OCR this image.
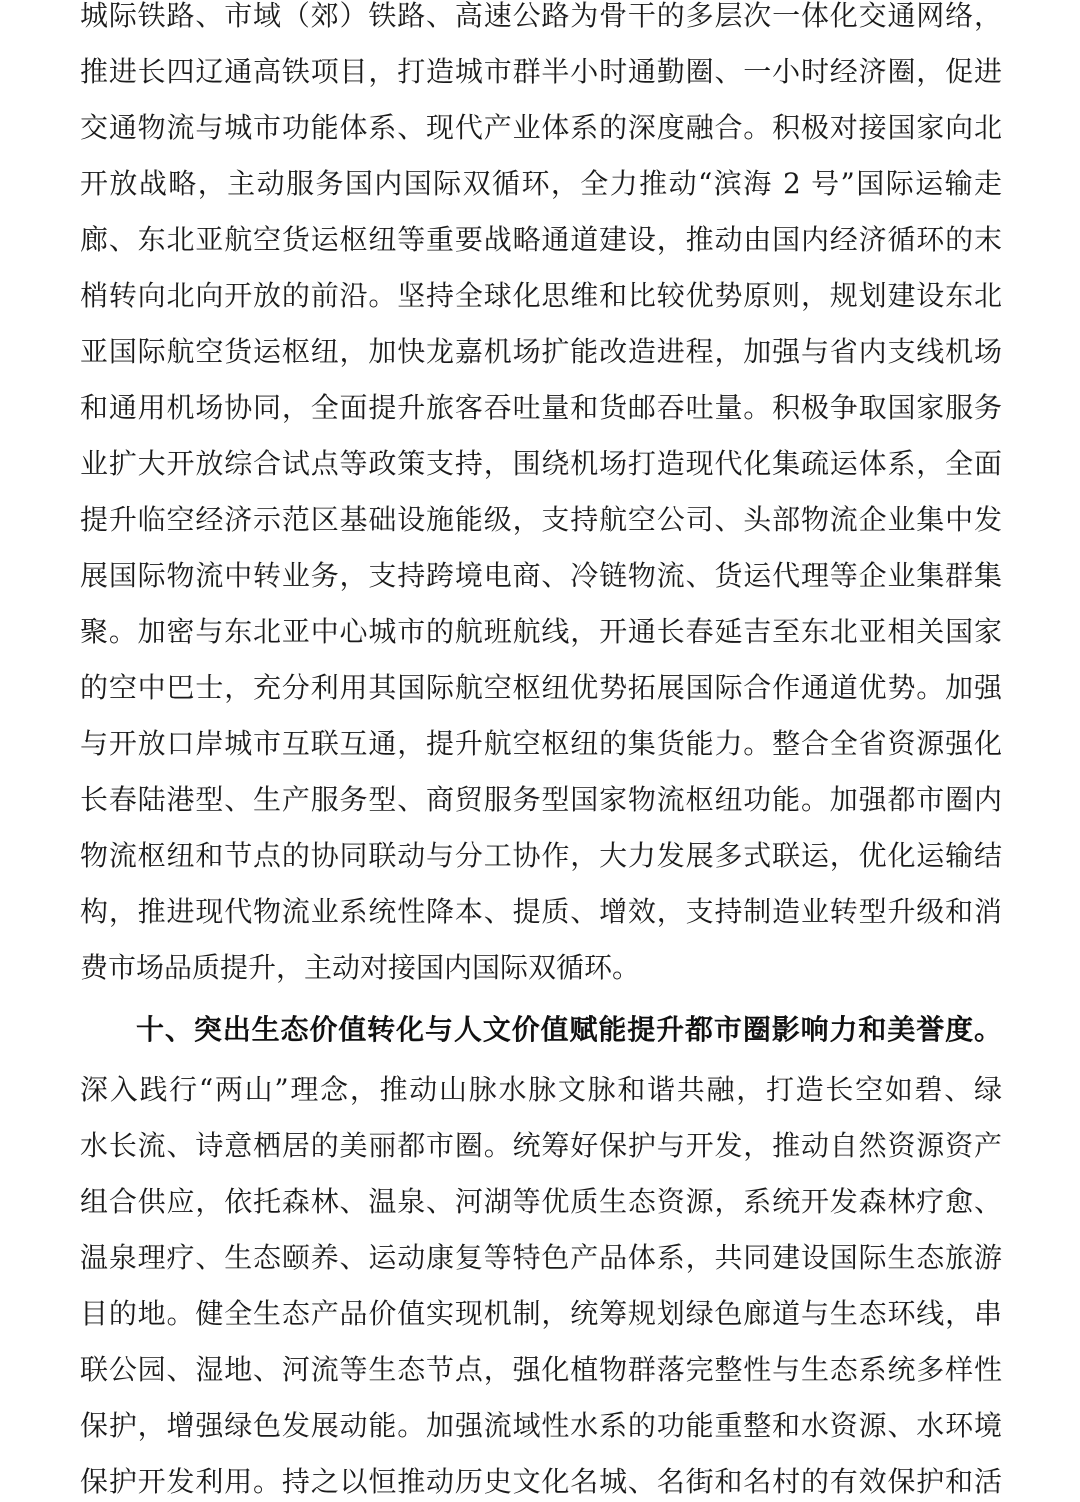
城际铁路、市域（郊）铁路、高速公路为骨干的多层次一体化交通网络，
推进长四辽通高铁项目，打造城市群半小时通勤圈、一小时经济圈，促进
交通物流与城市功能体系、现代产业体系的深度融合。积极对接国家向北
开放战略，主动服务国内国际双循环，全力推动“滨海 2 号”国际运输走
廊、东北亚航空货运枢纽等重要战略通道建设，推动由国内经济循环的末
梢转向北向开放的前沿。坚持全球化思维和比较优势原则，规划建设东北
亚国际航空货运枢纽，加快龙嘉机场扩能改造进程，加强与省内支线机场
和通用机场协同，全面提升旅客吞吐量和货邮吞吐量。积极争取国家服务
业扩大开放综合试点等政策支持，围绕机场打造现代化集疏运体系，全面
提升临空经济示范区基础设施能级，支持航空公司、头部物流企业集中发
展国际物流中转业务，支持跨境电商、冷链物流、货运代理等企业集群集
聚。加密与东北亚中心城市的航班航线，开通长春延吉至东北亚相关国家
的空中巴士，充分利用其国际航空枢纽优势拓展国际合作通道优势。加强
与开放口岸城市互联互通，提升航空枢纽的集货能力。整合全省资源强化
长春陆港型、生产服务型、商贸服务型国家物流枢纽功能。加强都市圈内
物流枢纽和节点的协同联动与分工协作，大力发展多式联运，优化运输结
构，推进现代物流业系统性降本、提质、增效，支持制造业转型升级和消
费市场品质提升，主动对接国内国际双循环。
十、突出生态价值转化与人文价值赋能提升都市圈影响力和美誉度。
深入践行“两山”理念，推动山脉水脉文脉和谐共融，打造长空如碧、绿
水长流、诗意栖居的美丽都市圈。统筹好保护与开发，推动自然资源资产
组合供应，依托森林、温泉、河湖等优质生态资源，系统开发森林疗愈、
温泉理疗、生态颐养、运动康复等特色产品体系，共同建设国际生态旅游
目的地。健全生态产品价值实现机制，统筹规划绿色廊道与生态环线，串
联公园、湿地、河流等生态节点，强化植物群落完整性与生态系统多样性
保护，增强绿色发展动能。加强流域性水系的功能重整和水资源、水环境
保护开发利用。持之以恒推动历史文化名城、名街和名村的有效保护和活
